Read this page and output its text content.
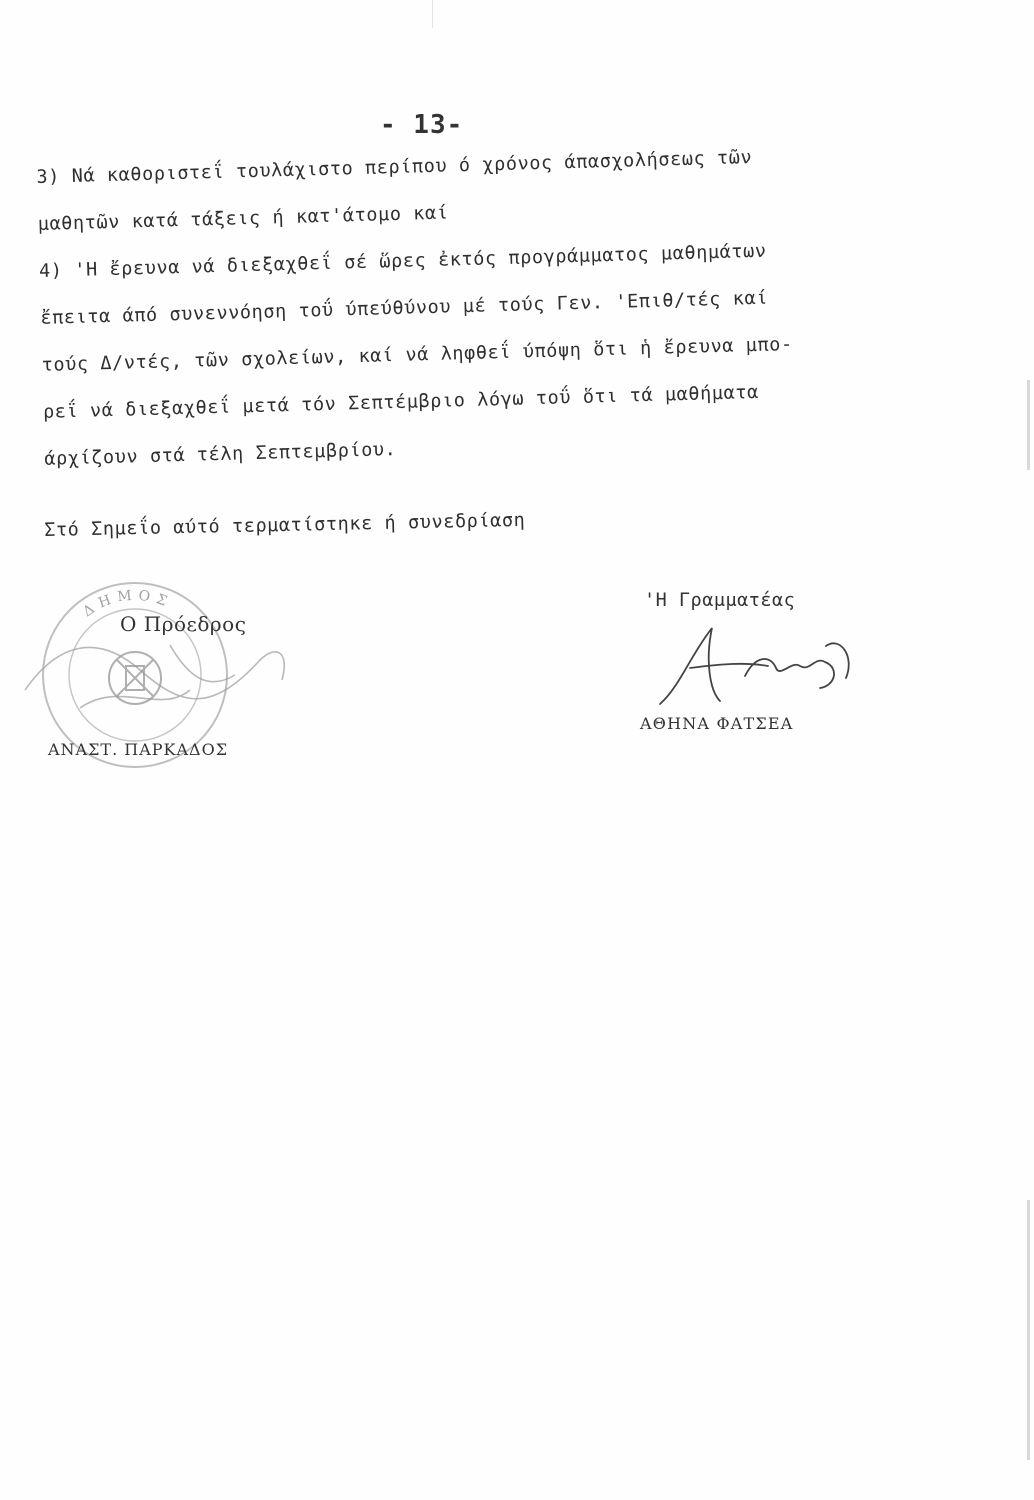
- 13-

3) Νά καθοριστεΐ τουλάχιστο περίπου ό χρόνος άπασχολήσεως τῶν

μαθητῶν κατά τάξεις ή κατ'άτομο καί

4) 'Η ἔρευνα νά διεξαχθεΐ σέ ὥρες ἐκτός προγράμματος μαθημάτων

ἔπειτα άπό συνεννόηση τοΰ ύπεύθύνου μέ τούς Γεν. 'Επιθ/τές καί

τούς Δ/ντές, τῶν σχολείων, καί νά ληφθεΐ ύπόψη ὅτι ἡ ἔρευνα μπο-

ρεΐ νά διεξαχθεΐ μετά τόν Σεπτέμβριο λόγω τοΰ ὅτι τά μαθήματα

άρχίζουν στά τέλη Σεπτεμβρίου.

Στό Σημεΐο αύτό τερματίστηκε ή συνεδρίαση
ΔΗΜΟΣ
Ο Πρόεδρος
ΑΝΑΣΤ. ΠΑΡΚΑΔΟΣ
'Η Γραμματέας
ΑΘΗΝΑ ΦΑΤΣΕΑ
